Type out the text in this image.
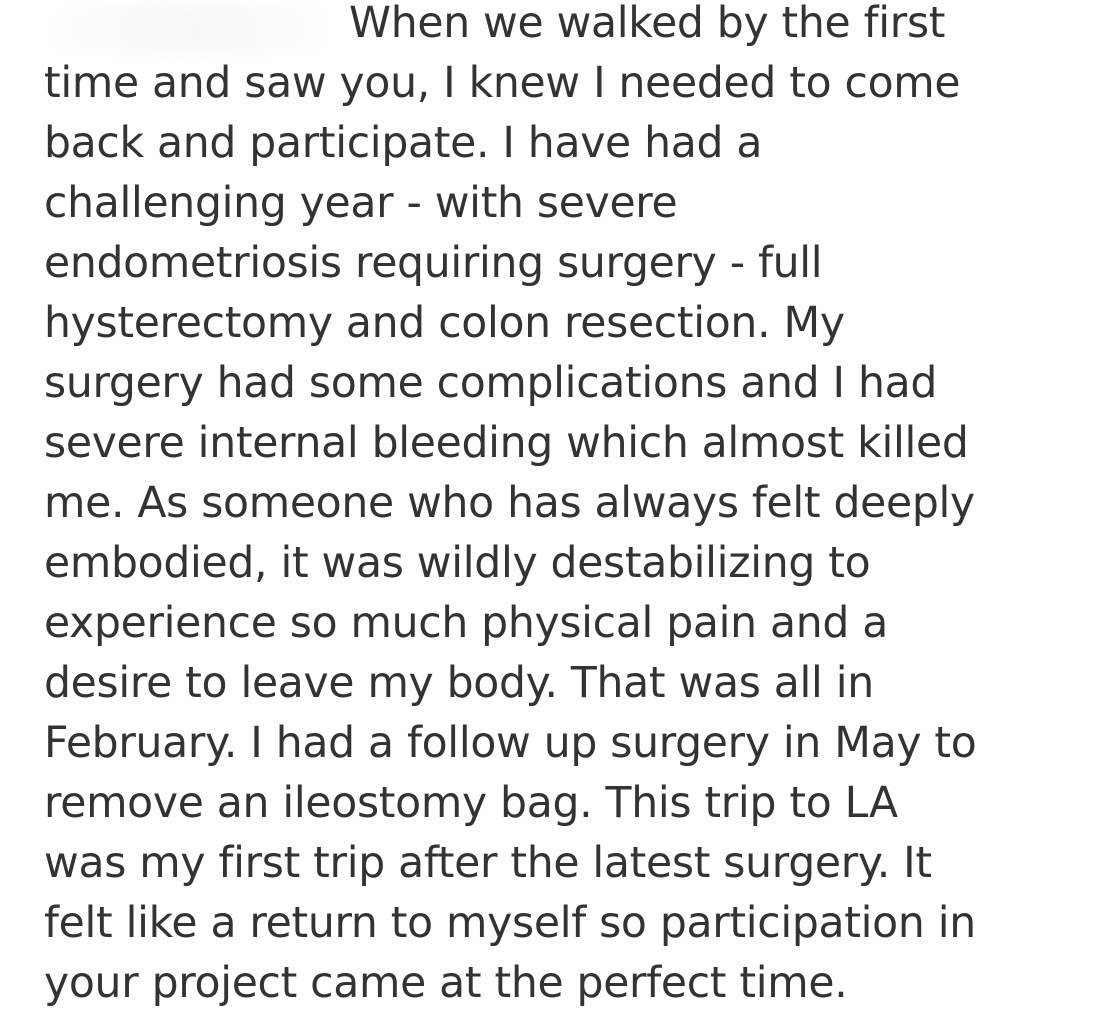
When we walked by the first
time and saw you, I knew I needed to come
back and participate. I have had a
challenging year - with severe
endometriosis requiring surgery - full
hysterectomy and colon resection. My
surgery had some complications and I had
severe internal bleeding which almost killed
me. As someone who has always felt deeply
embodied, it was wildly destabilizing to
experience so much physical pain and a
desire to leave my body. That was all in
February. I had a follow up surgery in May to
remove an ileostomy bag. This trip to LA
was my first trip after the latest surgery. It
felt like a return to myself so participation in
your project came at the perfect time.
